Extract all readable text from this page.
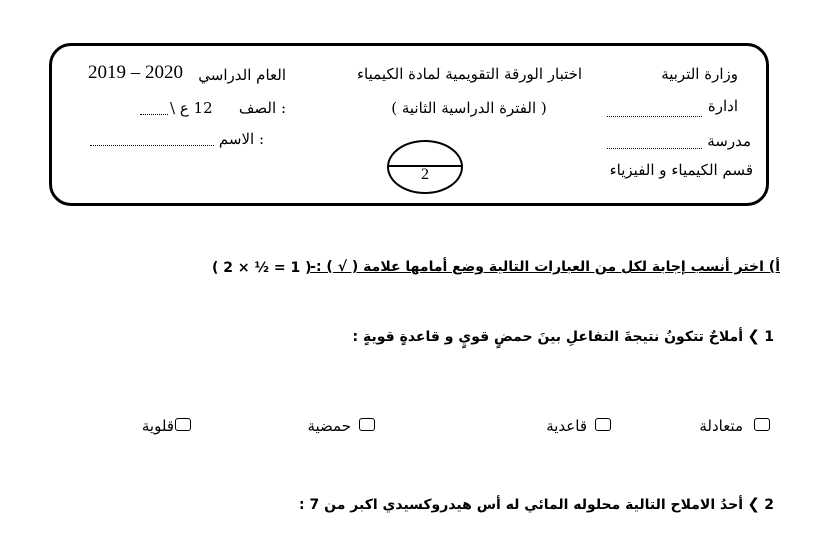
وزارة التربية
ادارة
مدرسة
قسم الكيمياء و الفيزياء
اختبار الورقة التقويمية لمادة الكيمياء
( الفترة الدراسية الثانية )
2
العام الدراسي
2019 – 2020
الصف :
12 ع \
الاسم :
أ) اختر أنسب إجابة لكل من العبارات التالية وضع أمامها علامة ( √ ) :-
( 2 × ½ = 1 )
1
❮
أملاحٌ تتكونُ نتيجةَ التفاعلِ بينَ حمضٍ قويٍ و قاعدةٍ قويةٍ :
متعادلة
قاعدية
حمضية
قلوية
2
❮
أحدُ الاملاح التالية محلوله المائي له أس هيدروكسيدي اكبر من 7 :
